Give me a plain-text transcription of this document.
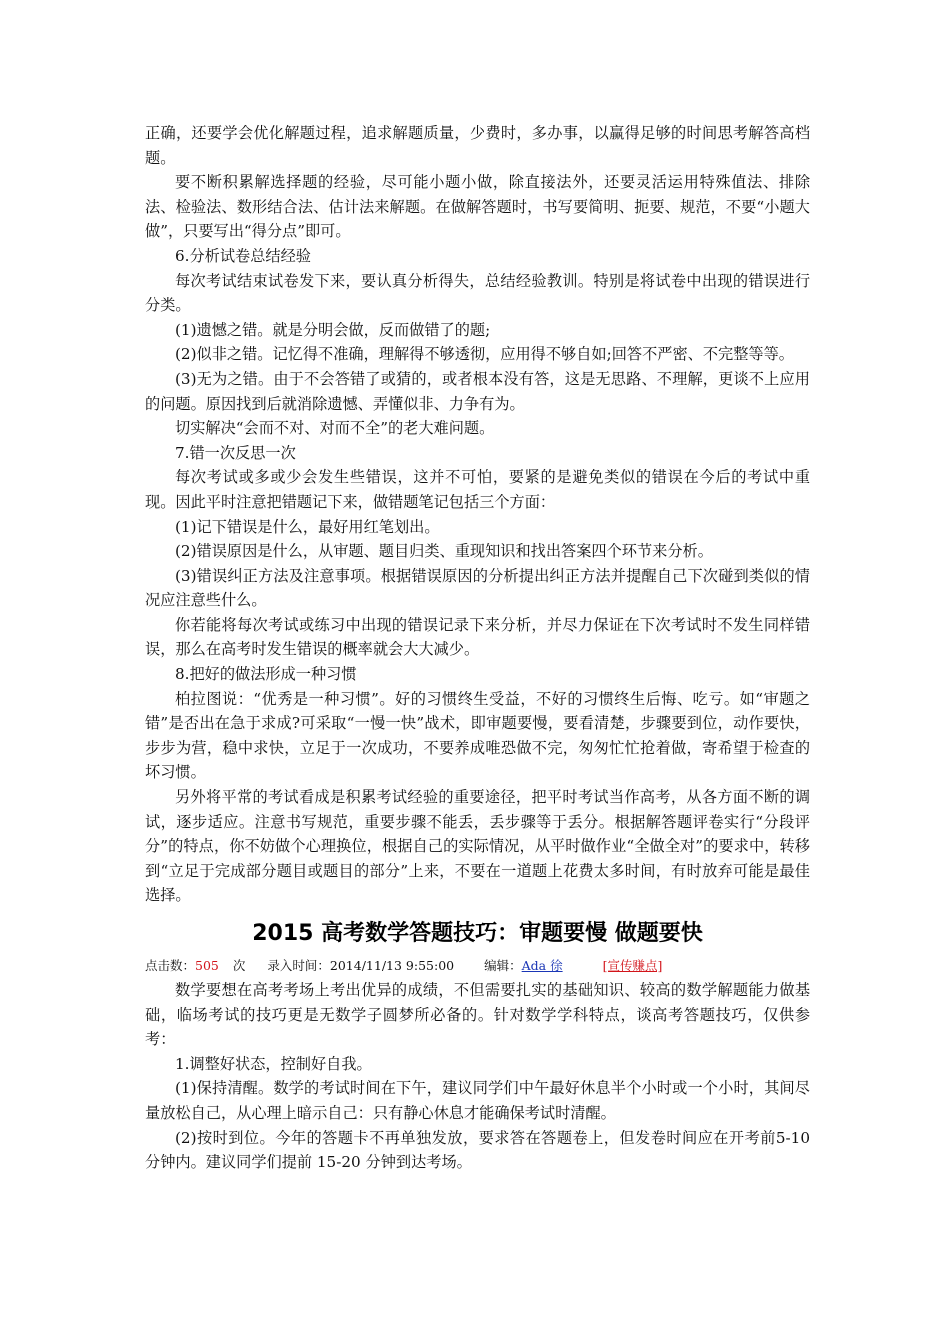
正确，还要学会优化解题过程，追求解题质量，少费时，多办事，以赢得足够的时间思考解答高档题。

要不断积累解选择题的经验，尽可能小题小做，除直接法外，还要灵活运用特殊值法、排除法、检验法、数形结合法、估计法来解题。在做解答题时，书写要简明、扼要、规范，不要“小题大做”，只要写出“得分点”即可。

6.分析试卷总结经验

每次考试结束试卷发下来，要认真分析得失，总结经验教训。特别是将试卷中出现的错误进行分类。

(1)遗憾之错。就是分明会做，反而做错了的题;

(2)似非之错。记忆得不准确，理解得不够透彻，应用得不够自如;回答不严密、不完整等等。

(3)无为之错。由于不会答错了或猜的，或者根本没有答，这是无思路、不理解，更谈不上应用的问题。原因找到后就消除遗憾、弄懂似非、力争有为。

切实解决“会而不对、对而不全”的老大难问题。

7.错一次反思一次

每次考试或多或少会发生些错误，这并不可怕，要紧的是避免类似的错误在今后的考试中重现。因此平时注意把错题记下来，做错题笔记包括三个方面：

(1)记下错误是什么，最好用红笔划出。

(2)错误原因是什么，从审题、题目归类、重现知识和找出答案四个环节来分析。

(3)错误纠正方法及注意事项。根据错误原因的分析提出纠正方法并提醒自己下次碰到类似的情况应注意些什么。

你若能将每次考试或练习中出现的错误记录下来分析，并尽力保证在下次考试时不发生同样错误，那么在高考时发生错误的概率就会大大减少。

8.把好的做法形成一种习惯

柏拉图说：“优秀是一种习惯”。好的习惯终生受益，不好的习惯终生后悔、吃亏。如“审题之错”是否出在急于求成?可采取“一慢一快”战术，即审题要慢，要看清楚，步骤要到位，动作要快，步步为营，稳中求快，立足于一次成功，不要养成唯恐做不完，匆匆忙忙抢着做，寄希望于检查的坏习惯。

另外将平常的考试看成是积累考试经验的重要途径，把平时考试当作高考，从各方面不断的调试，逐步适应。注意书写规范，重要步骤不能丢，丢步骤等于丢分。根据解答题评卷实行“分段评分”的特点，你不妨做个心理换位，根据自己的实际情况，从平时做作业“全做全对”的要求中，转移到“立足于完成部分题目或题目的部分”上来，不要在一道题上花费太多时间，有时放弃可能是最佳选择。

2015 高考数学答题技巧：审题要慢 做题要快
点击数：505 次 录入时间：2014/11/13 9:55:00 编辑：Ada 徐	[宣传赚点]

数学要想在高考考场上考出优异的成绩，不但需要扎实的基础知识、较高的数学解题能力做基础，临场考试的技巧更是无数学子圆梦所必备的。针对数学学科特点，谈高考答题技巧，仅供参考：

1.调整好状态，控制好自我。

(1)保持清醒。数学的考试时间在下午，建议同学们中午最好休息半个小时或一个小时，其间尽量放松自己，从心理上暗示自己：只有静心休息才能确保考试时清醒。

(2)按时到位。今年的答题卡不再单独发放，要求答在答题卷上，但发卷时间应在开考前5-10 分钟内。建议同学们提前 15-20 分钟到达考场。
